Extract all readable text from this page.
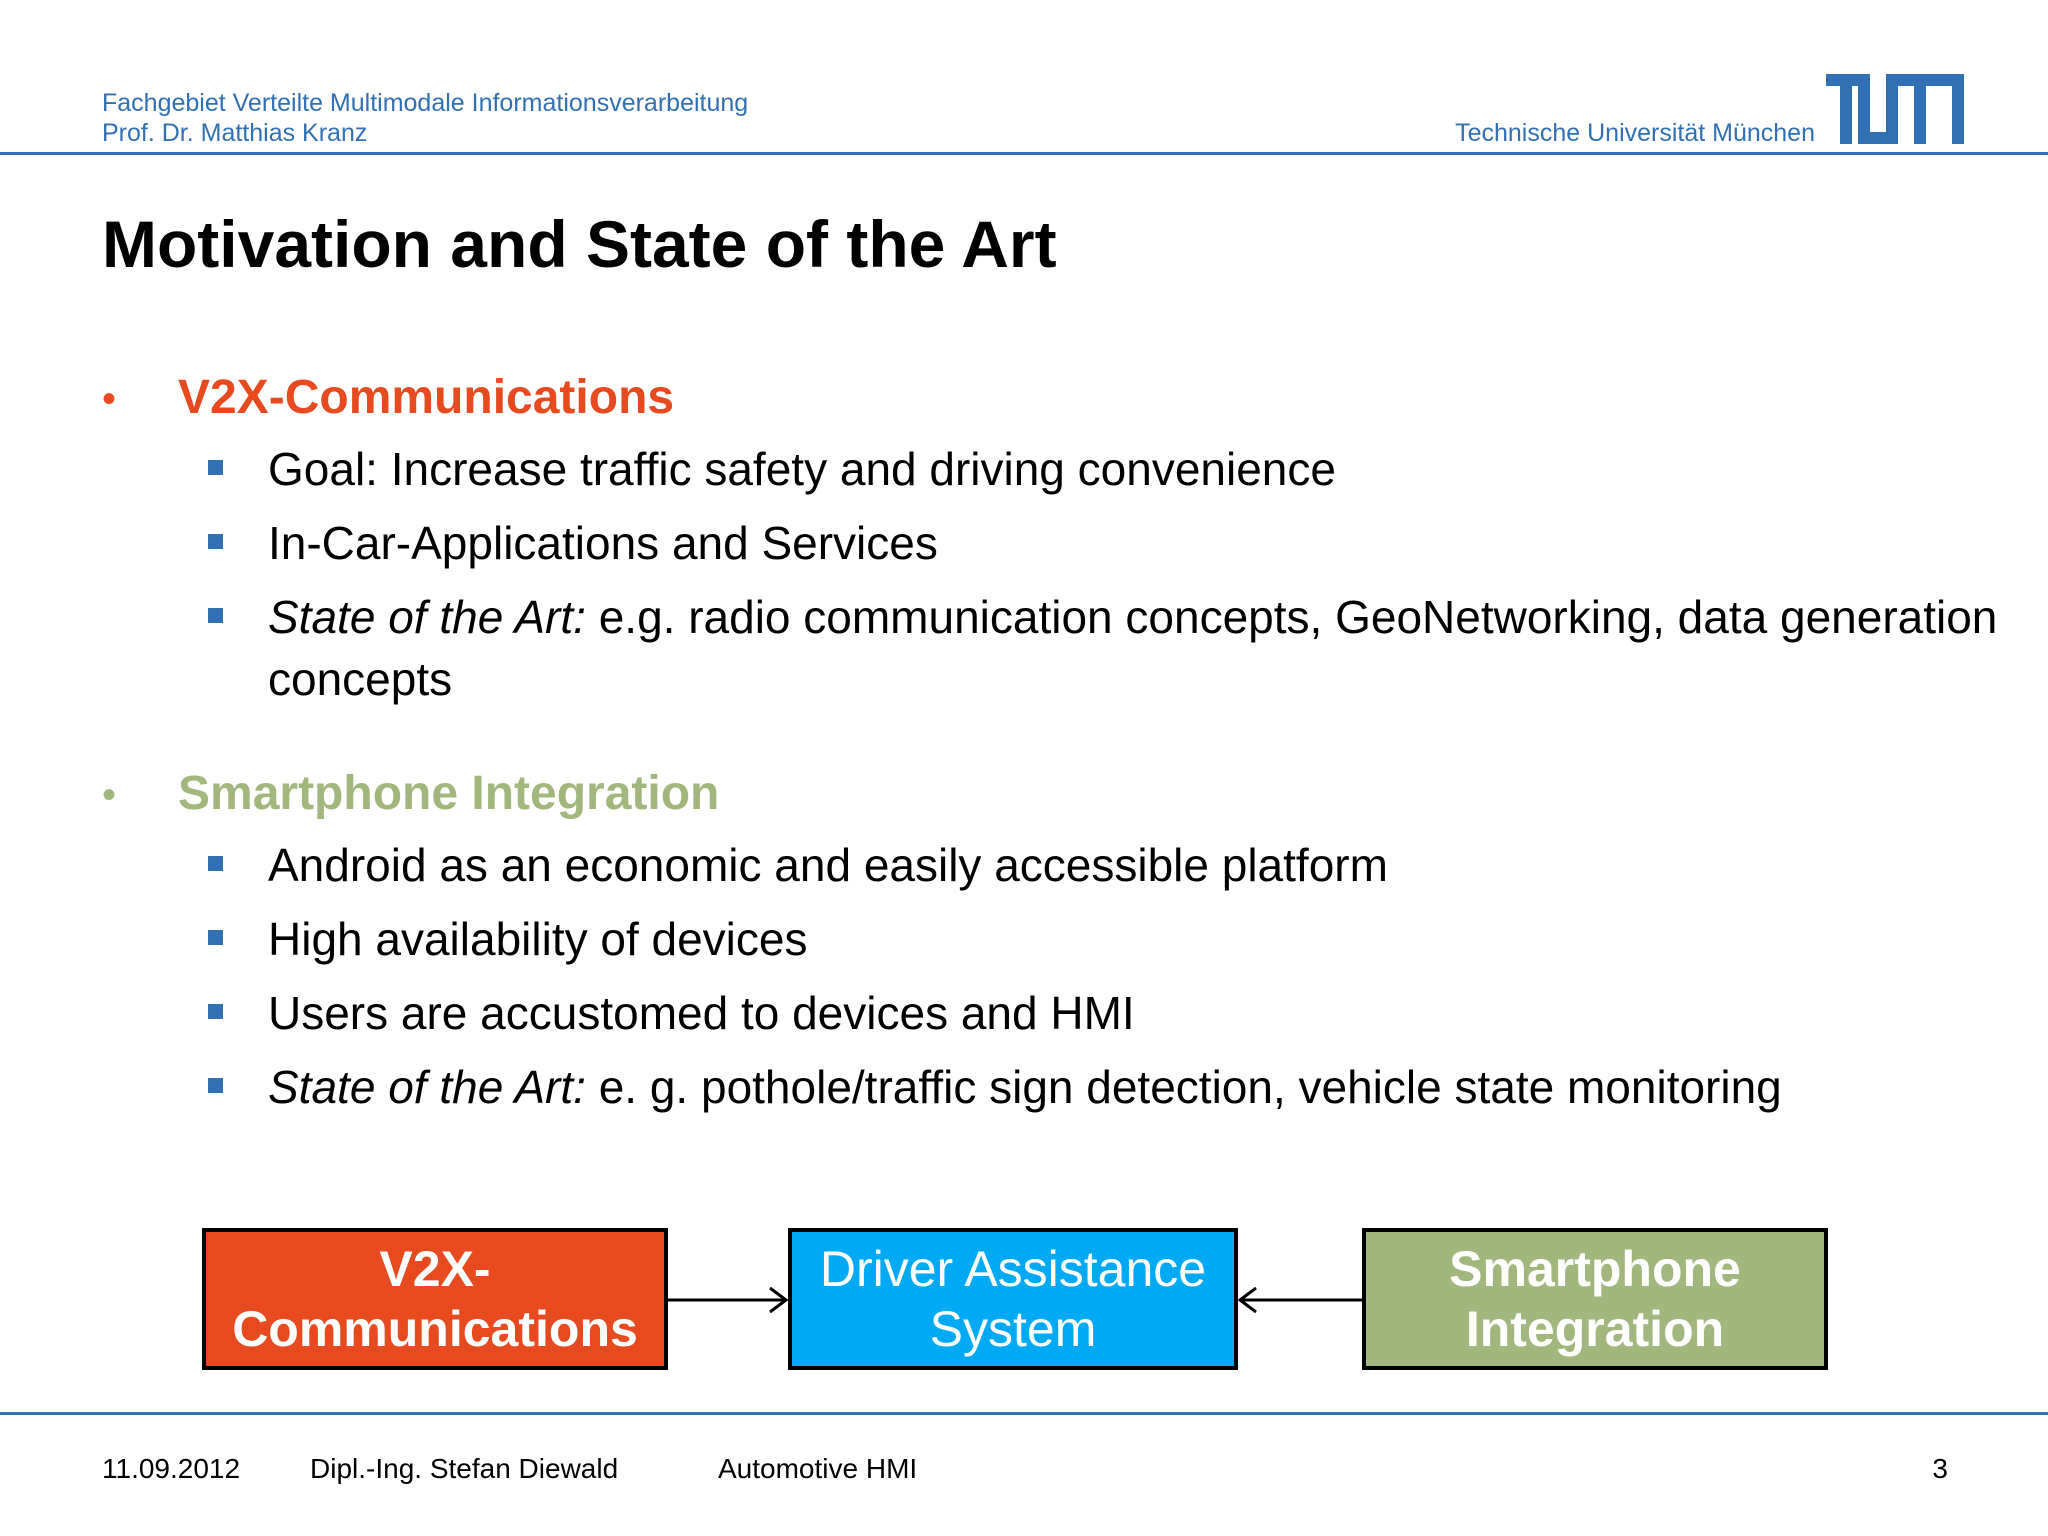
Fachgebiet Verteilte Multimodale Informationsverarbeitung
Prof. Dr. Matthias Kranz	Technische Universität München
Motivation and State of the Art
• V2X-Communications
Goal: Increase traffic safety and driving convenience
In-Car-Applications and Services
State of the Art: e.g. radio communication concepts, GeoNetworking, data generation concepts
• Smartphone Integration
Android as an economic and easily accessible platform
High availability of devices
Users are accustomed to devices and HMI
State of the Art: e. g. pothole/traffic sign detection, vehicle state monitoring
V2X-
Communications
Driver Assistance
System
Smartphone
Integration
11.09.2012 Dipl.-Ing. Stefan Diewald	Automotive HMI	3
